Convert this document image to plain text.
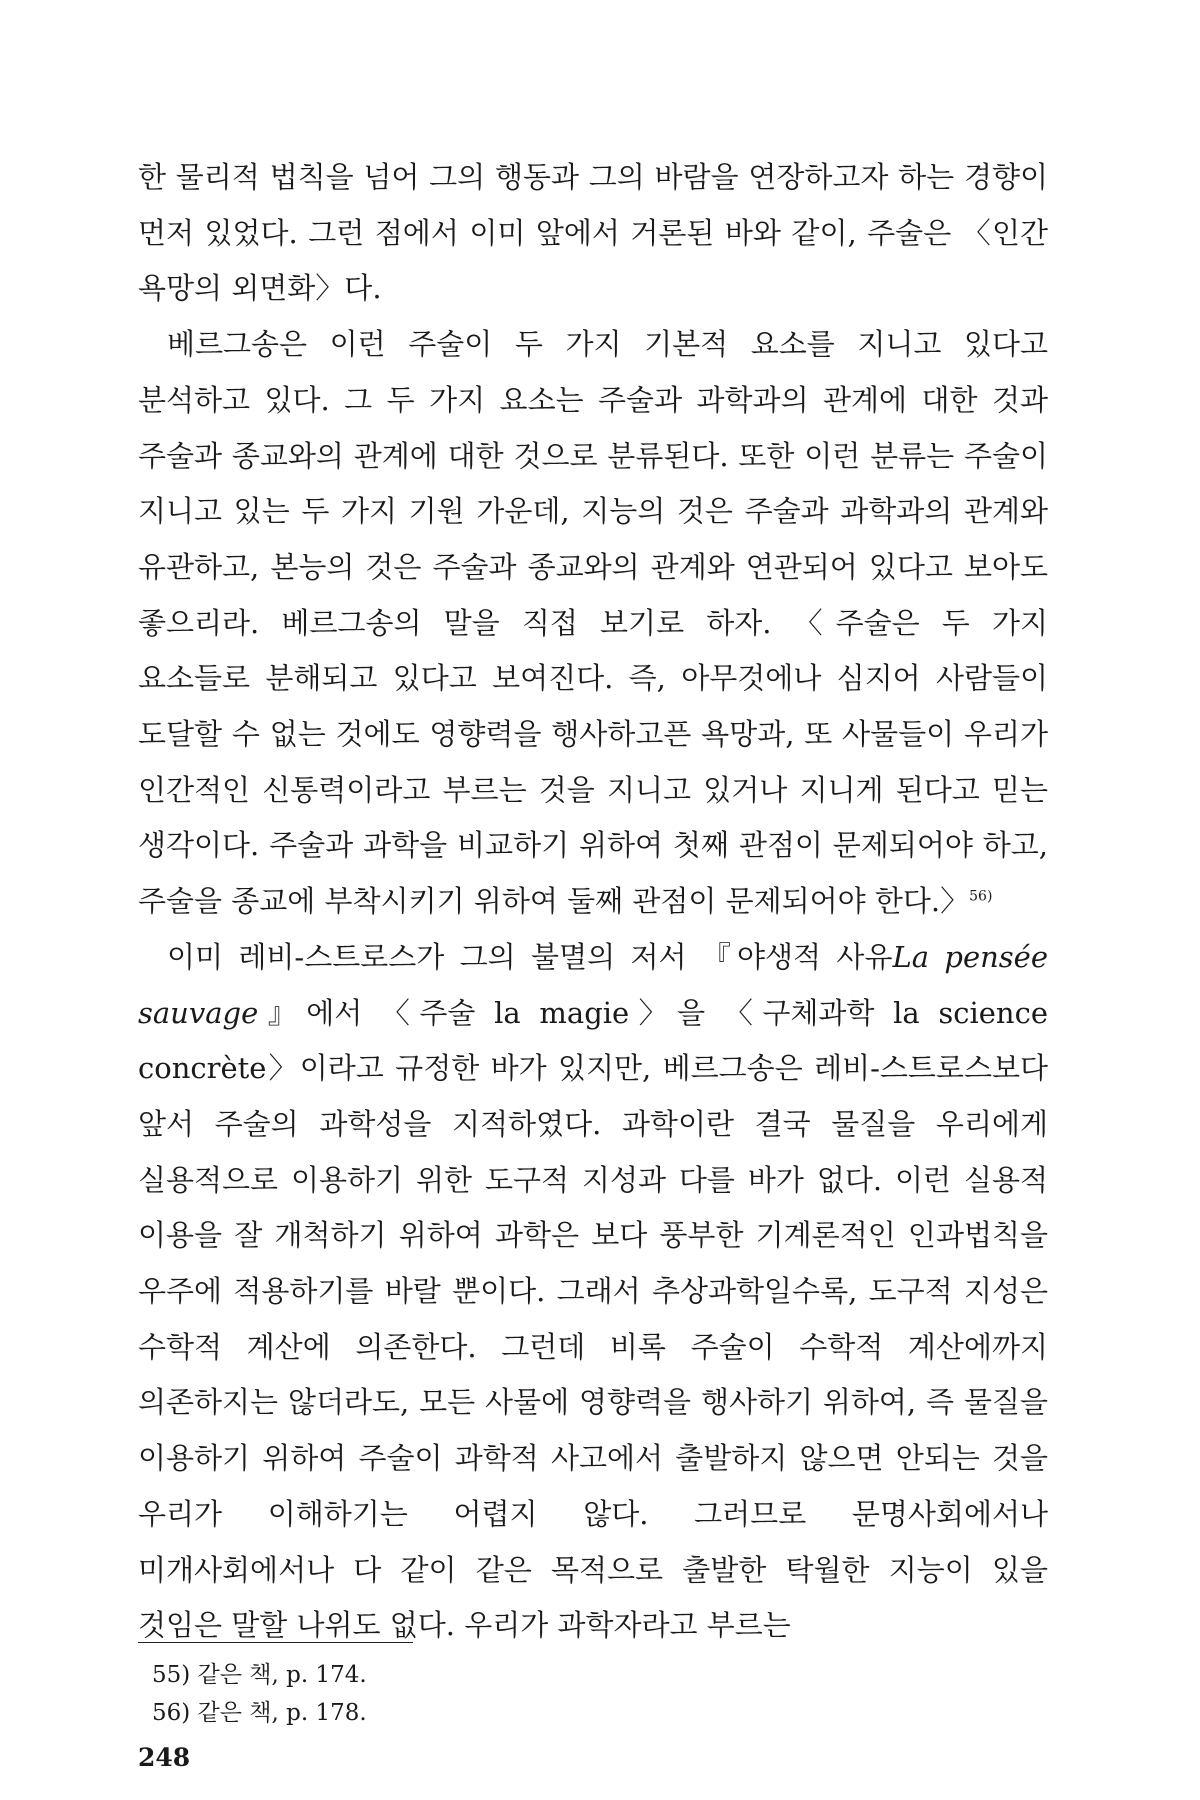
한 물리적 법칙을 넘어 그의 행동과 그의 바람을 연장하고자 하는 경향이 먼저 있었다. 그런 점에서 이미 앞에서 거론된 바와 같이, 주술은 〈인간 욕망의 외면화〉다.

베르그송은 이런 주술이 두 가지 기본적 요소를 지니고 있다고 분석하고 있다. 그 두 가지 요소는 주술과 과학과의 관계에 대한 것과 주술과 종교와의 관계에 대한 것으로 분류된다. 또한 이런 분류는 주술이 지니고 있는 두 가지 기원 가운데, 지능의 것은 주술과 과학과의 관계와 유관하고, 본능의 것은 주술과 종교와의 관계와 연관되어 있다고 보아도 좋으리라. 베르그송의 말을 직접 보기로 하자. 〈주술은 두 가지 요소들로 분해되고 있다고 보여진다. 즉, 아무것에나 심지어 사람들이 도달할 수 없는 것에도 영향력을 행사하고픈 욕망과, 또 사물들이 우리가 인간적인 신통력이라고 부르는 것을 지니고 있거나 지니게 된다고 믿는 생각이다. 주술과 과학을 비교하기 위하여 첫째 관점이 문제되어야 하고, 주술을 종교에 부착시키기 위하여 둘째 관점이 문제되어야 한다.〉$^{56)}$

이미 레비-스트로스가 그의 불멸의 저서 『야생적 사유La pensée sauvage』에서 〈주술 la magie〉을 〈구체과학 la science concrète〉이라고 규정한 바가 있지만, 베르그송은 레비-스트로스보다 앞서 주술의 과학성을 지적하였다. 과학이란 결국 물질을 우리에게 실용적으로 이용하기 위한 도구적 지성과 다를 바가 없다. 이런 실용적 이용을 잘 개척하기 위하여 과학은 보다 풍부한 기계론적인 인과법칙을 우주에 적용하기를 바랄 뿐이다. 그래서 추상과학일수록, 도구적 지성은 수학적 계산에 의존한다. 그런데 비록 주술이 수학적 계산에까지 의존하지는 않더라도, 모든 사물에 영향력을 행사하기 위하여, 즉 물질을 이용하기 위하여 주술이 과학적 사고에서 출발하지 않으면 안되는 것을 우리가 이해하기는 어렵지 않다. 그러므로 문명사회에서나 미개사회에서나 다 같이 같은 목적으로 출발한 탁월한 지능이 있을 것임은 말할 나위도 없다. 우리가 과학자라고 부르는

55) 같은 책, p. 174.

56) 같은 책, p. 178.

248
